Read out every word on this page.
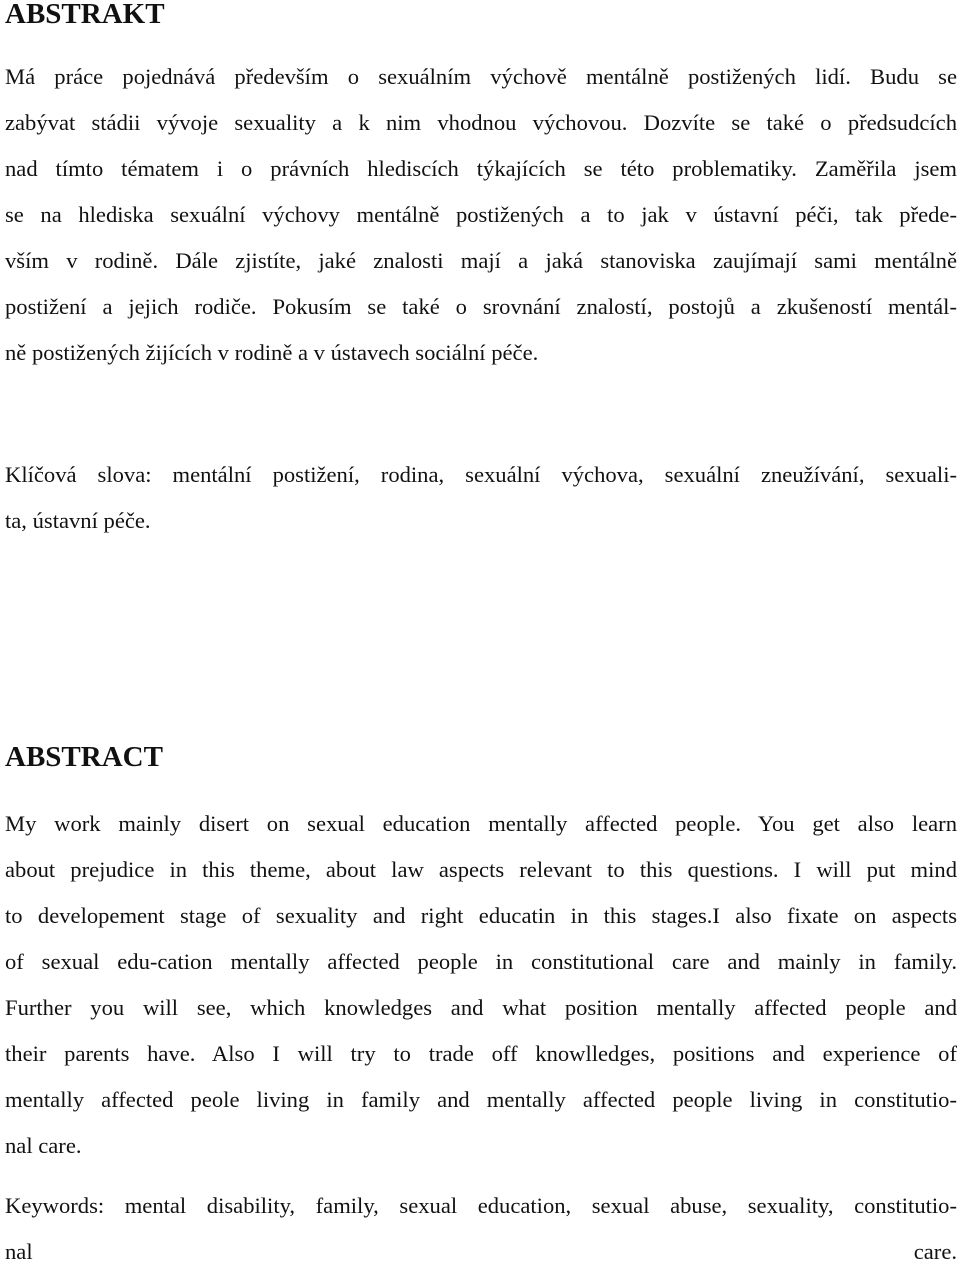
ABSTRAKT

Má práce pojednává především o sexuálním výchově mentálně postižených lidí. Budu se

zabývat stádii vývoje sexuality a k nim vhodnou výchovou. Dozvíte se také o předsudcích

nad tímto tématem i o právních hlediscích týkajících se této problematiky. Zaměřila jsem

se na hlediska sexuální výchovy mentálně postižených a to jak v ústavní péči, tak přede-

vším v rodině. Dále zjistíte, jaké znalosti mají a jaká stanoviska zaujímají sami mentálně

postižení a jejich rodiče. Pokusím se také o srovnání znalostí, postojů a zkušeností mentál-

ně postižených žijících v rodině a v ústavech sociální péče.

Klíčová slova: mentální postižení, rodina, sexuální výchova, sexuální zneužívání, sexuali-

ta, ústavní péče.

ABSTRACT

My work mainly disert on sexual education mentally affected people. You get also learn

about prejudice in this theme, about law aspects relevant to this questions. I will put mind

to developement stage of sexuality and right educatin in this stages.I also fixate on aspects

of sexual edu-cation mentally affected people in constitutional care and mainly in family.

Further you will see, which knowledges and what position mentally affected people and

their parents have. Also I will try to trade off knowlledges, positions and experience of

mentally affected peole living in family and mentally affected people living in constitutio-

nal care.

Keywords: mental disability, family, sexual education, sexual abuse, sexuality, constitutio-

nal care.
